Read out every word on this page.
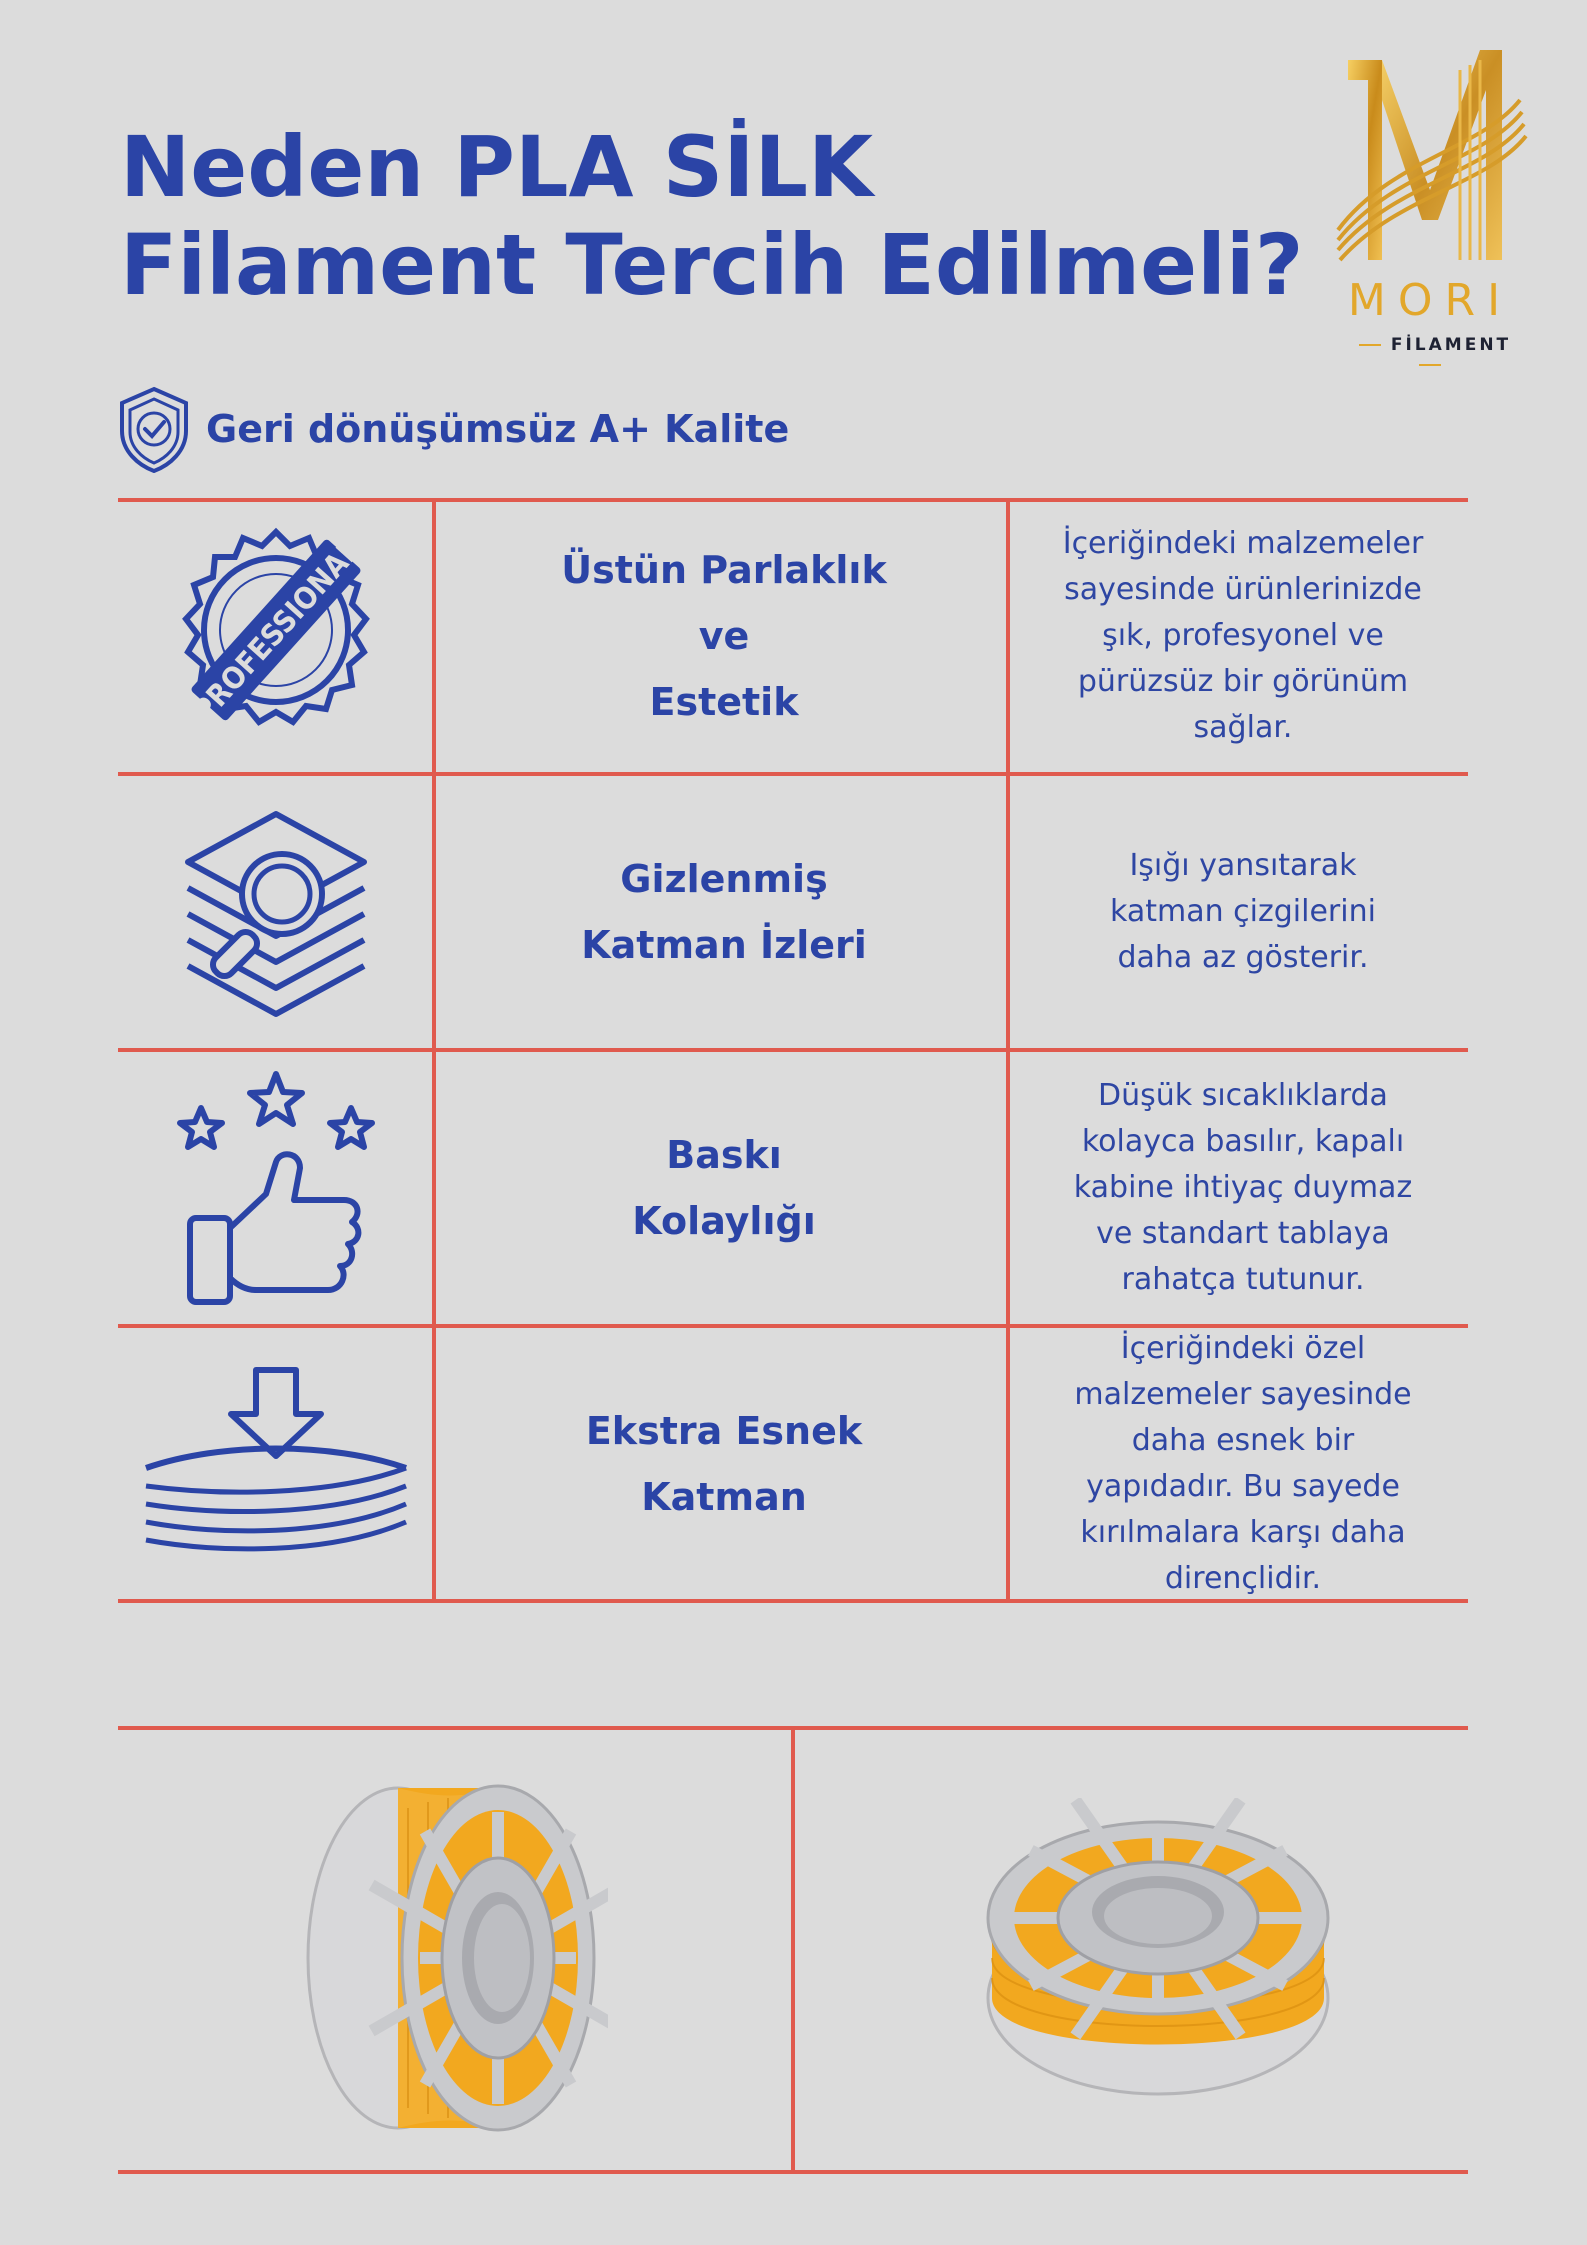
Neden PLA SİLK
Filament Tercih Edilmeli?	MORI
FİLAMENT
Geri dönüşümsüz A+ Kalite
PROFESSIONAL	Üstün Parlaklık
ve
Estetik
İçeriğindeki malzemeler
sayesinde ürünlerinizde
şık, profesyonel ve
pürüzsüz bir görünüm
sağlar.
Gizlenmiş
Katman İzleri
Işığı yansıtarak
katman çizgilerini
daha az gösterir.
Baskı
Kolaylığı
Düşük sıcaklıklarda
kolayca basılır, kapalı
kabine ihtiyaç duymaz
ve standart tablaya
rahatça tutunur.
Ekstra Esnek
Katman
İçeriğindeki özel
malzemeler sayesinde
daha esnek bir
yapıdadır. Bu sayede
kırılmalara karşı daha
dirençlidir.
